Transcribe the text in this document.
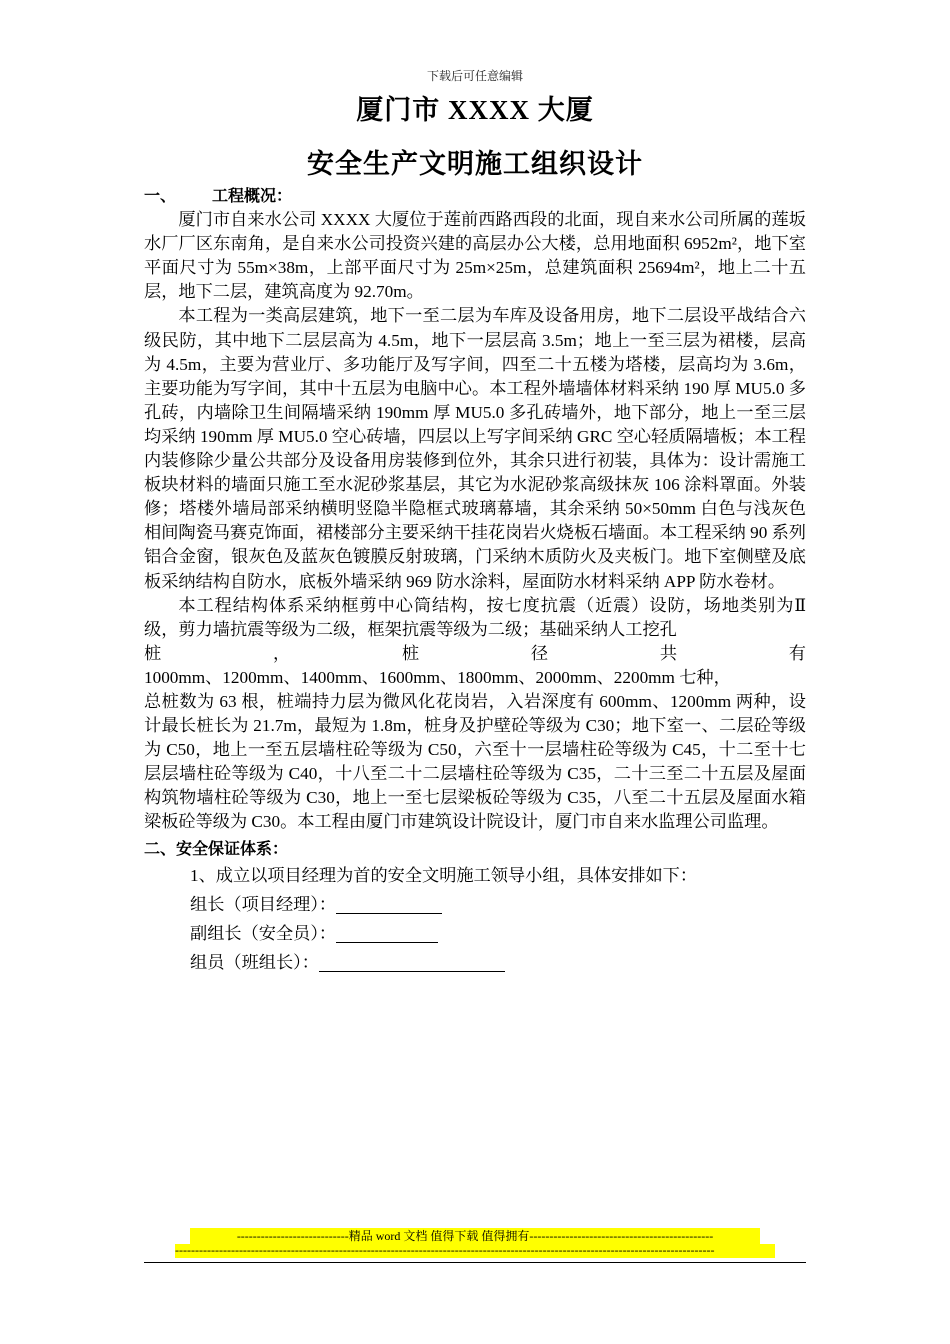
下载后可任意编辑
厦门市 XXXX 大厦
安全生产文明施工组织设计
一、 工程概况：

厦门市自来水公司 XXXX 大厦位于莲前西路西段的北面，现自来水公司所属的莲坂水厂厂区东南角，是自来水公司投资兴建的高层办公大楼，总用地面积 6952m²，地下室平面尺寸为 55m×38m，上部平面尺寸为 25m×25m，总建筑面积 25694m²，地上二十五层，地下二层，建筑高度为 92.70m。

本工程为一类高层建筑，地下一至二层为车库及设备用房，地下二层设平战结合六级民防，其中地下二层层高为 4.5m，地下一层层高 3.5m；地上一至三层为裙楼，层高为 4.5m，主要为营业厅、多功能厅及写字间，四至二十五楼为塔楼，层高均为 3.6m，主要功能为写字间，其中十五层为电脑中心。本工程外墙墙体材料采纳 190 厚 MU5.0 多孔砖，内墙除卫生间隔墙采纳 190mm 厚 MU5.0 多孔砖墙外，地下部分，地上一至三层均采纳 190mm 厚 MU5.0 空心砖墙，四层以上写字间采纳 GRC 空心轻质隔墙板；本工程内装修除少量公共部分及设备用房装修到位外，其余只进行初装，具体为：设计需施工板块材料的墙面只施工至水泥砂浆基层，其它为水泥砂浆高级抹灰 106 涂料罩面。外装修；塔楼外墙局部采纳横明竖隐半隐框式玻璃幕墙，其余采纳 50×50mm 白色与浅灰色相间陶瓷马赛克饰面，裙楼部分主要采纳干挂花岗岩火烧板石墙面。本工程采纳 90 系列铝合金窗，银灰色及蓝灰色镀膜反射玻璃，门采纳木质防火及夹板门。地下室侧壁及底板采纳结构自防水，底板外墙采纳 969 防水涂料，屋面防水材料采纳 APP 防水卷材。

本工程结构体系采纳框剪中心筒结构，按七度抗震（近震）设防，场地类别为Ⅱ级，剪力墙抗震等级为二级，框架抗震等级为二级；基础采纳人工挖孔

桩 ， 桩 径 共 有

1000mm、1200mm、1400mm、1600mm、1800mm、2000mm、2200mm 七种，

总桩数为 63 根，桩端持力层为微风化花岗岩，入岩深度有 600mm、1200mm 两种，设计最长桩长为 21.7m，最短为 1.8m，桩身及护壁砼等级为 C30；地下室一、二层砼等级为 C50，地上一至五层墙柱砼等级为 C50，六至十一层墙柱砼等级为 C45，十二至十七层层墙柱砼等级为 C40，十八至二十二层墙柱砼等级为 C35，二十三至二十五层及屋面构筑物墙柱砼等级为 C30，地上一至七层梁板砼等级为 C35，八至二十五层及屋面水箱梁板砼等级为 C30。本工程由厦门市建筑设计院设计，厦门市自来水监理公司监理。

二、安全保证体系：

1、成立以项目经理为首的安全文明施工领导小组，具体安排如下：

组长（项目经理）：

副组长（安全员）：

组员（班组长）：

----------------------------精品 word 文档 值得下载 值得拥有----------------------------------------------
---------------------------------------------------------------------------------------------------------------------------------------
